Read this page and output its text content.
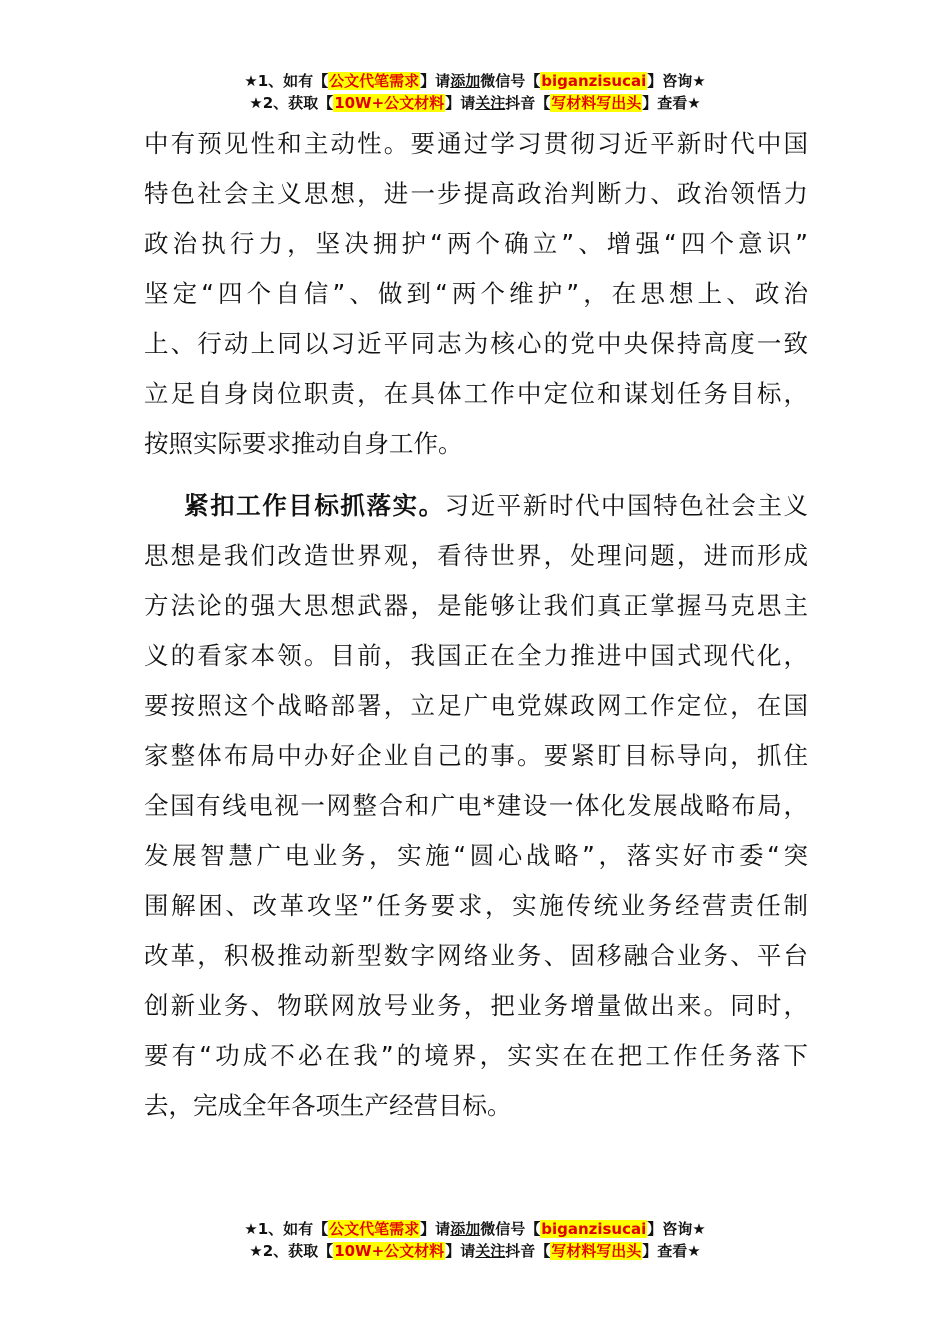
★1、如有【公文代笔需求】请添加微信号【biganzisucai】咨询★
★2、获取【10W+公文材料】请关注抖音【写材料写出头】查看★
中有预见性和主动性。要通过学习贯彻习近平新时代中国
特色社会主义思想，进一步提高政治判断力、政治领悟力
政治执行力，坚决拥护“两个确立”、增强“四个意识”
坚定“四个自信”、做到“两个维护”，在思想上、政治
上、行动上同以习近平同志为核心的党中央保持高度一致
立足自身岗位职责，在具体工作中定位和谋划任务目标，
按照实际要求推动自身工作。
紧扣工作目标抓落实。习近平新时代中国特色社会主义
思想是我们改造世界观，看待世界，处理问题，进而形成
方法论的强大思想武器，是能够让我们真正掌握马克思主
义的看家本领。目前，我国正在全力推进中国式现代化，
要按照这个战略部署，立足广电党媒政网工作定位，在国
家整体布局中办好企业自己的事。要紧盯目标导向，抓住
全国有线电视一网整合和广电*建设一体化发展战略布局，
发展智慧广电业务，实施“圆心战略”，落实好市委“突
围解困、改革攻坚”任务要求，实施传统业务经营责任制
改革，积极推动新型数字网络业务、固移融合业务、平台
创新业务、物联网放号业务，把业务增量做出来。同时，
要有“功成不必在我”的境界，实实在在把工作任务落下
去，完成全年各项生产经营目标。
★1、如有【公文代笔需求】请添加微信号【biganzisucai】咨询★
★2、获取【10W+公文材料】请关注抖音【写材料写出头】查看★
